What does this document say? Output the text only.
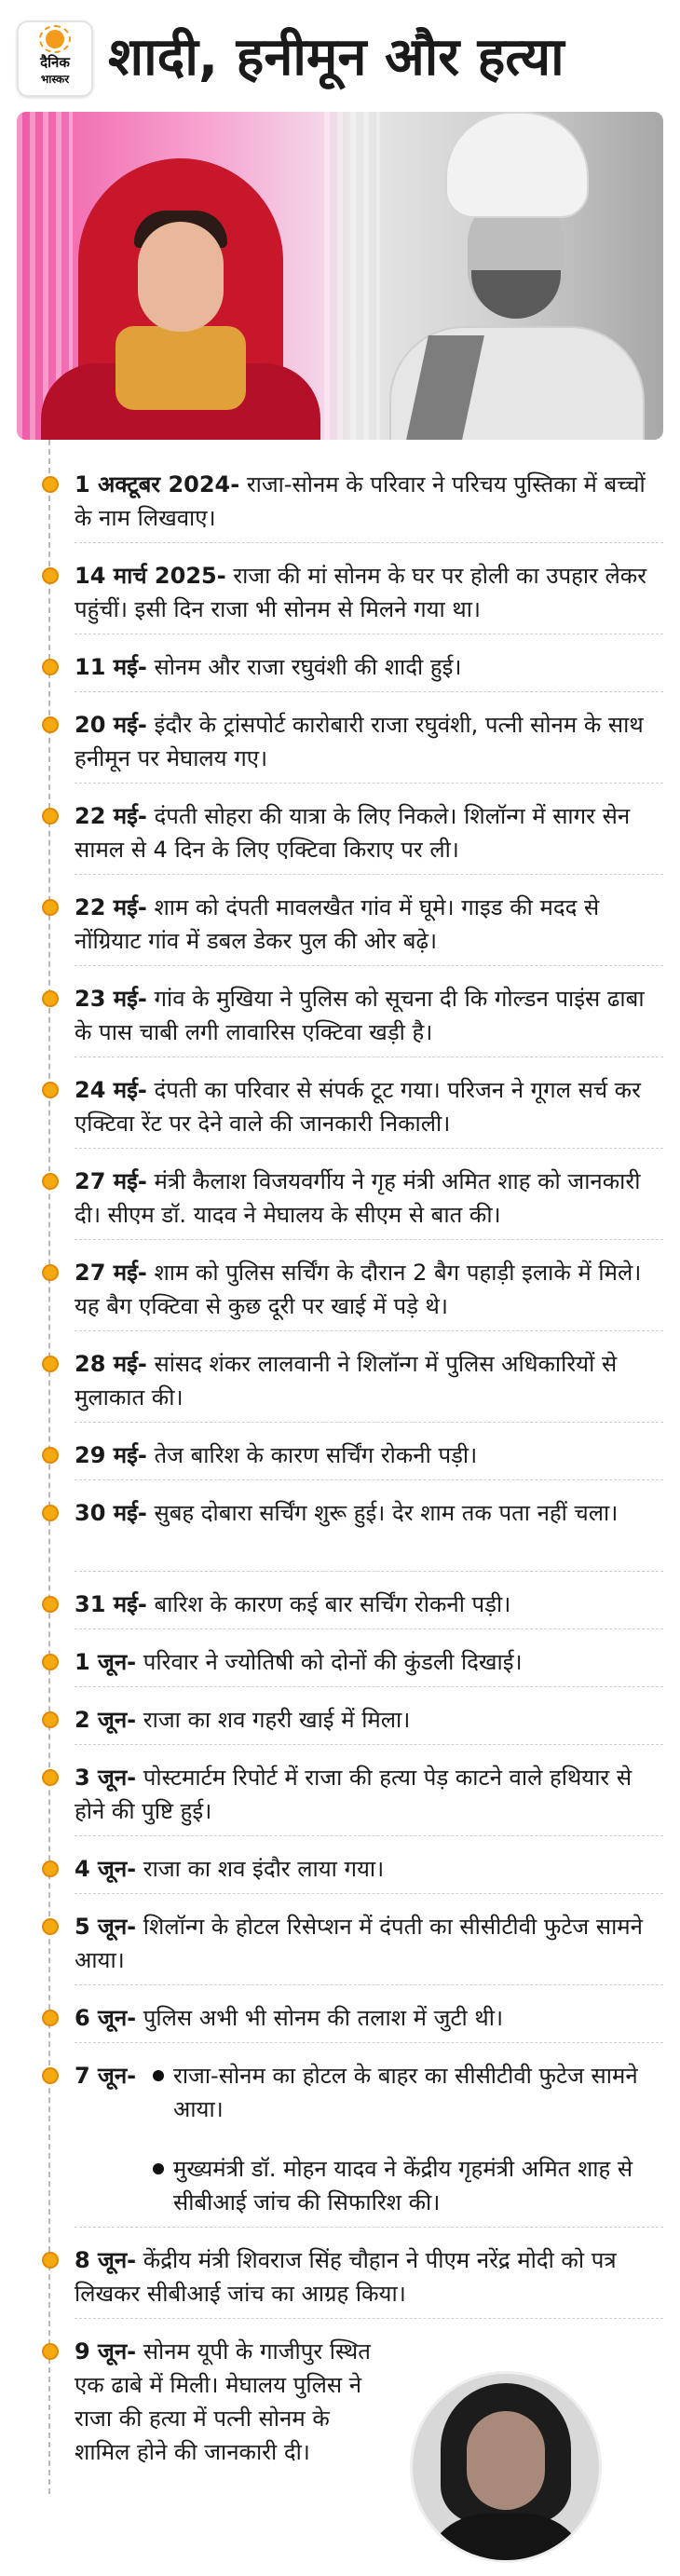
दैनिक
भास्कर शादी, हनीमून और हत्या
1 अक्टूबर 2024- राजा-सोनम के परिवार ने परिचय पुस्तिका में बच्चों के नाम लिखवाए।
14 मार्च 2025- राजा की मां सोनम के घर पर होली का उपहार लेकर पहुंचीं। इसी दिन राजा भी सोनम से मिलने गया था।
11 मई- सोनम और राजा रघुवंशी की शादी हुई।
20 मई- इंदौर के ट्रांसपोर्ट कारोबारी राजा रघुवंशी, पत्नी सोनम के साथ हनीमून पर मेघालय गए।
22 मई- दंपती सोहरा की यात्रा के लिए निकले। शिलॉन्ग में सागर सेन सामल से 4 दिन के लिए एक्टिवा किराए पर ली।
22 मई- शाम को दंपती मावलखैत गांव में घूमे। गाइड की मदद से नोंग्रियाट गांव में डबल डेकर पुल की ओर बढ़े।
23 मई- गांव के मुखिया ने पुलिस को सूचना दी कि गोल्डन पाइंस ढाबा के पास चाबी लगी लावारिस एक्टिवा खड़ी है।
24 मई- दंपती का परिवार से संपर्क टूट गया। परिजन ने गूगल सर्च कर एक्टिवा रेंट पर देने वाले की जानकारी निकाली।
27 मई- मंत्री कैलाश विजयवर्गीय ने गृह मंत्री अमित शाह को जानकारी दी। सीएम डॉ. यादव ने मेघालय के सीएम से बात की।
27 मई- शाम को पुलिस सर्चिंग के दौरान 2 बैग पहाड़ी इलाके में मिले। यह बैग एक्टिवा से कुछ दूरी पर खाई में पड़े थे।
28 मई- सांसद शंकर लालवानी ने शिलॉन्ग में पुलिस अधिकारियों से मुलाकात की।
29 मई- तेज बारिश के कारण सर्चिंग रोकनी पड़ी।
30 मई- सुबह दोबारा सर्चिंग शुरू हुई। देर शाम तक पता नहीं चला।
31 मई- बारिश के कारण कई बार सर्चिंग रोकनी पड़ी।
1 जून- परिवार ने ज्योतिषी को दोनों की कुंडली दिखाई।
2 जून- राजा का शव गहरी खाई में मिला।
3 जून- पोस्टमार्टम रिपोर्ट में राजा की हत्या पेड़ काटने वाले हथियार से होने की पुष्टि हुई।
4 जून- राजा का शव इंदौर लाया गया।
5 जून- शिलॉन्ग के होटल रिसेप्शन में दंपती का सीसीटीवी फुटेज सामने आया।
6 जून- पुलिस अभी भी सोनम की तलाश में जुटी थी।
7 जून-	राजा-सोनम का होटल के बाहर का सीसीटीवी फुटेज सामने आया।
मुख्यमंत्री डॉ. मोहन यादव ने केंद्रीय गृहमंत्री अमित शाह से सीबीआई जांच की सिफारिश की।
8 जून- केंद्रीय मंत्री शिवराज सिंह चौहान ने पीएम नरेंद्र मोदी को पत्र लिखकर सीबीआई जांच का आग्रह किया।
9 जून- सोनम यूपी के गाजीपुर स्थित एक ढाबे में मिली। मेघालय पुलिस ने राजा की हत्या में पत्नी सोनम के शामिल होने की जानकारी दी।
